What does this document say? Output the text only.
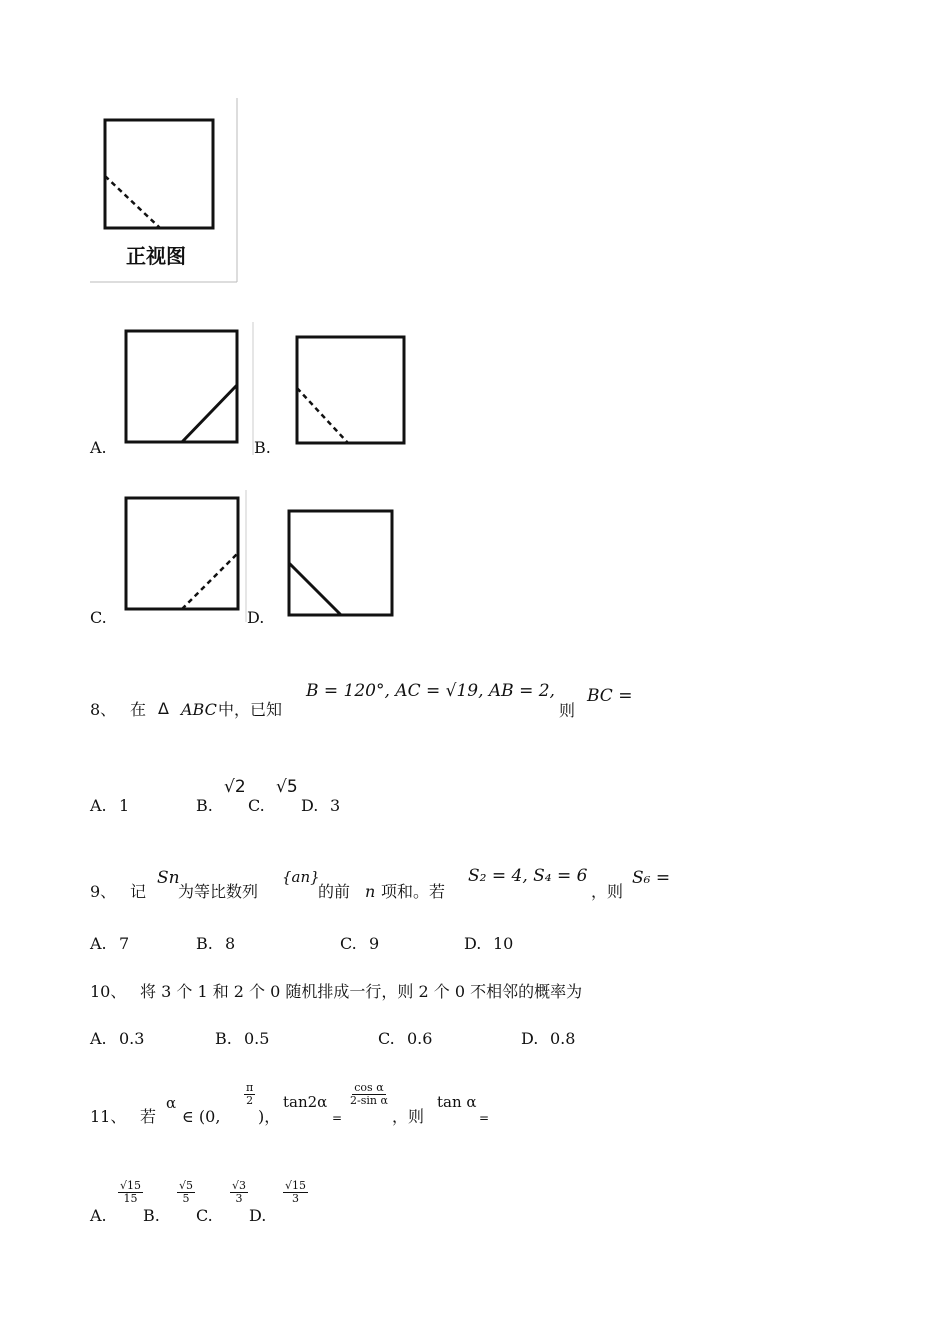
正视图
A.	B.
C.	D.
8、 在 Δ ABC 中，已知
B = 120°, AC = √19, AB = 2,
则
BC =
A. 1	B.
√2
C.
√5
D. 3
9、 记
Sn
为等比数列
{an}
的前 n 项和。若
S₂ = 4, S₄ = 6
，则
S₆ =
A. 7	B. 8	C. 9	D. 10
10、 将 3 个 1 和 2 个 0 随机排成一行，则 2 个 0 不相邻的概率为
A. 0.3	B. 0.5	C. 0.6	D. 0.8
11、 若
α
∈ (0,
$\frac{\pi}{2}$
)，
tan2α
=
$\frac{\text{cos α}}{\text{2-sin α}}$
，则
tan α
=
A.
$\frac{√15}{15}$
B.
$\frac{√5}{5}$
C.
$\frac{√3}{3}$
D.
$\frac{√15}{3}$
